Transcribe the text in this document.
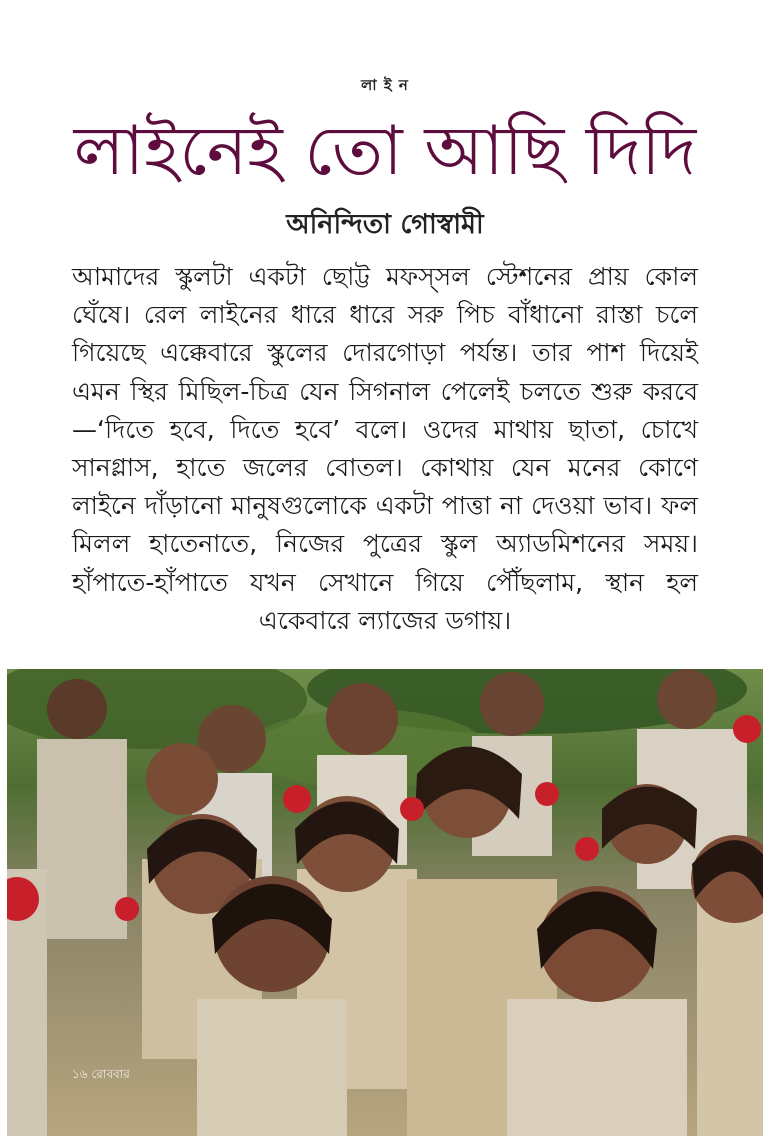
লা ই ন
লাইনেই তো আছি দিদি
অনিন্দিতা গোস্বামী

আমাদের স্কুলটা একটা ছোট্ট মফস্সল স্টেশনের প্রায় কোল ঘেঁষে। রেল লাইনের ধারে ধারে সরু পিচ বাঁধানো রাস্তা চলে গিয়েছে এক্কেবারে স্কুলের দোরগোড়া পর্যন্ত। তার পাশ দিয়েই এমন স্থির মিছিল-চিত্র যেন সিগনাল পেলেই চলতে শুরু করবে—‘দিতে হবে, দিতে হবে’ বলে। ওদের মাথায় ছাতা, চোখে সানগ্লাস, হাতে জলের বোতল। কোথায় যেন মনের কোণে লাইনে দাঁড়ানো মানুষগুলোকে একটা পাত্তা না দেওয়া ভাব। ফল মিলল হাতেনাতে, নিজের পুত্রের স্কুল অ্যাডমিশনের সময়। হাঁপাতে-হাঁপাতে যখন সেখানে গিয়ে পৌঁছলাম, স্থান হল একেবারে ল্যাজের ডগায়।

১৬ রোববার
